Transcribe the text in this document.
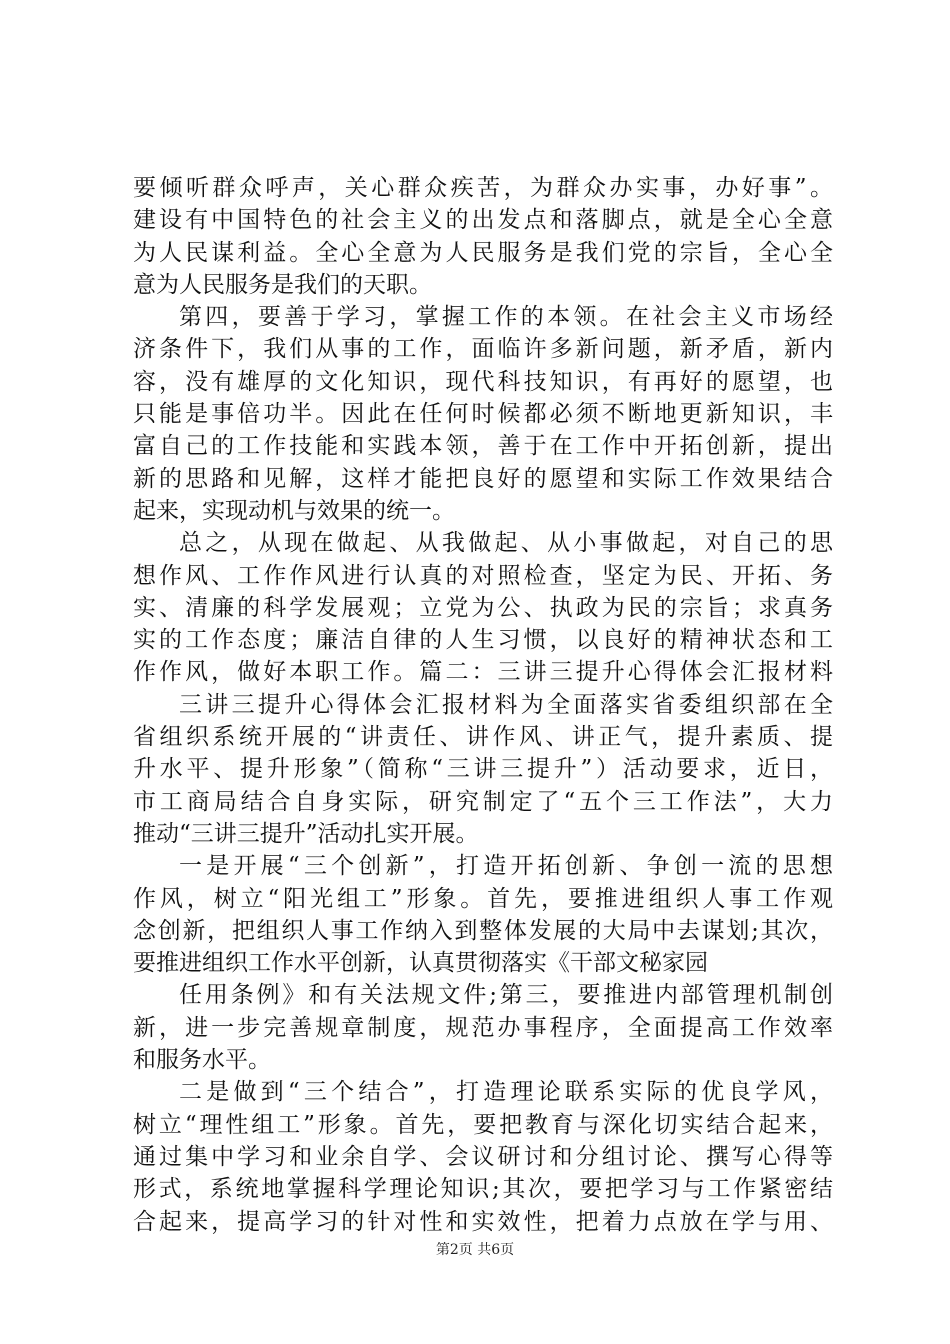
要倾听群众呼声，关心群众疾苦，为群众办实事，办好事”。
建设有中国特色的社会主义的出发点和落脚点，就是全心全意
为人民谋利益。全心全意为人民服务是我们党的宗旨，全心全
意为人民服务是我们的天职。
第四，要善于学习，掌握工作的本领。在社会主义市场经
济条件下，我们从事的工作，面临许多新问题，新矛盾，新内
容，没有雄厚的文化知识，现代科技知识，有再好的愿望，也
只能是事倍功半。因此在任何时候都必须不断地更新知识，丰
富自己的工作技能和实践本领，善于在工作中开拓创新，提出
新的思路和见解，这样才能把良好的愿望和实际工作效果结合
起来，实现动机与效果的统一。
总之，从现在做起、从我做起、从小事做起，对自己的思
想作风、工作作风进行认真的对照检查，坚定为民、开拓、务
实、清廉的科学发展观；立党为公、执政为民的宗旨；求真务
实的工作态度；廉洁自律的人生习惯，以良好的精神状态和工
作作风，做好本职工作。篇二：三讲三提升心得体会汇报材料
三讲三提升心得体会汇报材料为全面落实省委组织部在全
省组织系统开展的“讲责任、讲作风、讲正气，提升素质、提
升水平、提升形象”（简称“三讲三提升”）活动要求，近日，
市工商局结合自身实际，研究制定了“五个三工作法”，大力
推动“三讲三提升”活动扎实开展。
一是开展“三个创新”，打造开拓创新、争创一流的思想
作风，树立“阳光组工”形象。首先，要推进组织人事工作观
念创新，把组织人事工作纳入到整体发展的大局中去谋划;其次，
要推进组织工作水平创新，认真贯彻落实《干部文秘家园
任用条例》和有关法规文件;第三，要推进内部管理机制创
新，进一步完善规章制度，规范办事程序，全面提高工作效率
和服务水平。
二是做到“三个结合”，打造理论联系实际的优良学风，
树立“理性组工”形象。首先，要把教育与深化切实结合起来，
通过集中学习和业余自学、会议研讨和分组讨论、撰写心得等
形式，系统地掌握科学理论知识;其次，要把学习与工作紧密结
合起来，提高学习的针对性和实效性，把着力点放在学与用、
第2页 共6页
